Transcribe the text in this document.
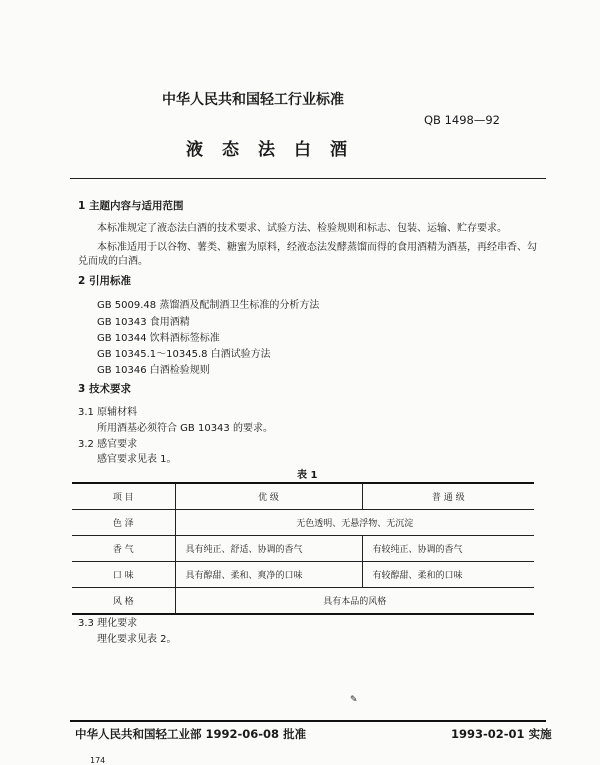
中华人民共和国轻工行业标准
QB 1498—92
液态法白酒
1 主题内容与适用范围
本标准规定了液态法白酒的技术要求、试验方法、检验规则和标志、包装、运输、贮存要求。
本标准适用于以谷物、薯类、糖蜜为原料，经液态法发酵蒸馏而得的食用酒精为酒基，再经串香、勾
兑而成的白酒。
2 引用标准
GB 5009.48 蒸馏酒及配制酒卫生标准的分析方法
GB 10343 食用酒精
GB 10344 饮料酒标签标准
GB 10345.1～10345.8 白酒试验方法
GB 10346 白酒检验规则
3 技术要求
3.1 原辅材料
所用酒基必须符合 GB 10343 的要求。
3.2 感官要求
感官要求见表 1。
表 1
项 目	优 级	普 通 级
色 泽	无色透明、无悬浮物、无沉淀	
香 气	具有纯正、舒适、协调的香气	有较纯正、协调的香气
口 味	具有醇甜、柔和、爽净的口味	有较醇甜、柔和的口味
风 格	具有本品的风格	
3.3 理化要求
理化要求见表 2。
✎
中华人民共和国轻工业部 1992-06-08 批准	1993-02-01 实施
174
